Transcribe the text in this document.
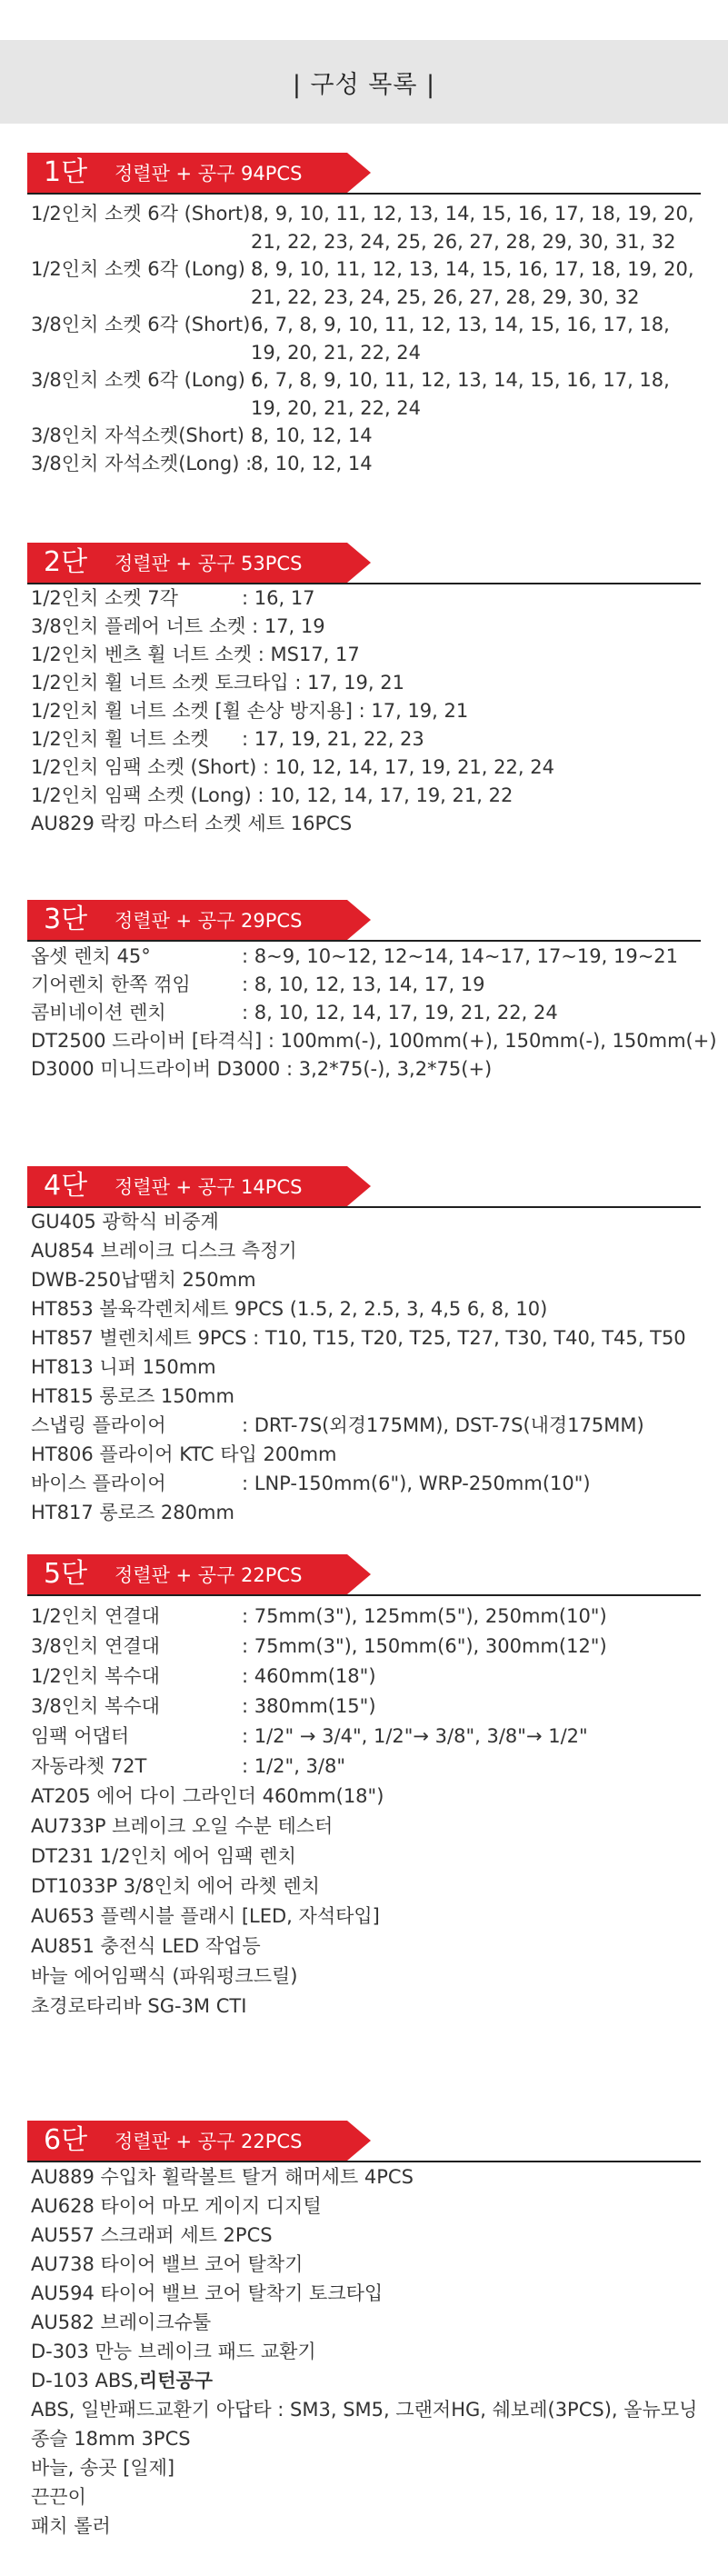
| 구성 목록 |
1단 정렬판 + 공구 94PCS
1/2인치 소켓 6각 (Short) :
8, 9, 10, 11, 12, 13, 14, 15, 16, 17, 18, 19, 20,
21, 22, 23, 24, 25, 26, 27, 28, 29, 30, 31, 32
1/2인치 소켓 6각 (Long) :
8, 9, 10, 11, 12, 13, 14, 15, 16, 17, 18, 19, 20,
21, 22, 23, 24, 25, 26, 27, 28, 29, 30, 32
3/8인치 소켓 6각 (Short) :
6, 7, 8, 9, 10, 11, 12, 13, 14, 15, 16, 17, 18,
19, 20, 21, 22, 24
3/8인치 소켓 6각 (Long) :
6, 7, 8, 9, 10, 11, 12, 13, 14, 15, 16, 17, 18,
19, 20, 21, 22, 24
3/8인치 자석소켓(Short) :
8, 10, 12, 14
3/8인치 자석소켓(Long) :
8, 10, 12, 14
2단 정렬판 + 공구 53PCS
1/2인치 소켓 7각	: 16, 17
3/8인치 플레어 너트 소켓 : 17, 19
1/2인치 벤츠 휠 너트 소켓 : MS17, 17
1/2인치 휠 너트 소켓 토크타입 : 17, 19, 21
1/2인치 휠 너트 소켓 [휠 손상 방지용] : 17, 19, 21
1/2인치 휠 너트 소켓 : 17, 19, 21, 22, 23
1/2인치 임팩 소켓 (Short) : 10, 12, 14, 17, 19, 21, 22, 24
1/2인치 임팩 소켓 (Long) : 10, 12, 14, 17, 19, 21, 22
AU829 락킹 마스터 소켓 세트 16PCS
3단 정렬판 + 공구 29PCS
옵셋 렌치 45°	: 8~9, 10~12, 12~14, 14~17, 17~19, 19~21
기어렌치 한쪽 꺾임	: 8, 10, 12, 13, 14, 17, 19
콤비네이션 렌치	: 8, 10, 12, 14, 17, 19, 21, 22, 24
DT2500 드라이버 [타격식] : 100mm(-), 100mm(+), 150mm(-), 150mm(+)
D3000 미니드라이버 D3000 : 3,2*75(-), 3,2*75(+)
4단 정렬판 + 공구 14PCS
GU405 광학식 비중계
AU854 브레이크 디스크 측정기
DWB-250납땜치 250mm
HT853 볼육각렌치세트 9PCS (1.5, 2, 2.5, 3, 4,5 6, 8, 10)
HT857 별렌치세트 9PCS : T10, T15, T20, T25, T27, T30, T40, T45, T50
HT813 니퍼 150mm
HT815 롱로즈 150mm
스냅링 플라이어	: DRT-7S(외경175MM), DST-7S(내경175MM)
HT806 플라이어 KTC 타입 200mm
바이스 플라이어	: LNP-150mm(6"), WRP-250mm(10")
HT817 롱로즈 280mm
5단 정렬판 + 공구 22PCS
1/2인치 연결대	: 75mm(3"), 125mm(5"), 250mm(10")
3/8인치 연결대	: 75mm(3"), 150mm(6"), 300mm(12")
1/2인치 복수대	: 460mm(18")
3/8인치 복수대	: 380mm(15")
임팩 어댑터	: 1/2" → 3/4", 1/2"→ 3/8", 3/8"→ 1/2"
자동라쳇 72T	: 1/2", 3/8"
AT205 에어 다이 그라인더 460mm(18")
AU733P 브레이크 오일 수분 테스터
DT231 1/2인치 에어 임팩 렌치
DT1033P 3/8인치 에어 라쳇 렌치
AU653 플렉시블 플래시 [LED, 자석타입]
AU851 충전식 LED 작업등
바늘 에어임팩식 (파워펑크드릴)
초경로타리바 SG-3M CTI
6단 정렬판 + 공구 22PCS
AU889 수입차 휠락볼트 탈거 해머세트 4PCS
AU628 타이어 마모 게이지 디지털
AU557 스크래퍼 세트 2PCS
AU738 타이어 밸브 코어 탈착기
AU594 타이어 밸브 코어 탈착기 토크타입
AU582 브레이크슈툴
D-303 만능 브레이크 패드 교환기
D-103 ABS,리턴공구
ABS, 일반패드교환기 아답타 : SM3, SM5, 그랜저HG, 쉐보레(3PCS), 올뉴모닝
종슬 18mm 3PCS
바늘, 송곳 [일제]
끈끈이
패치 롤러
